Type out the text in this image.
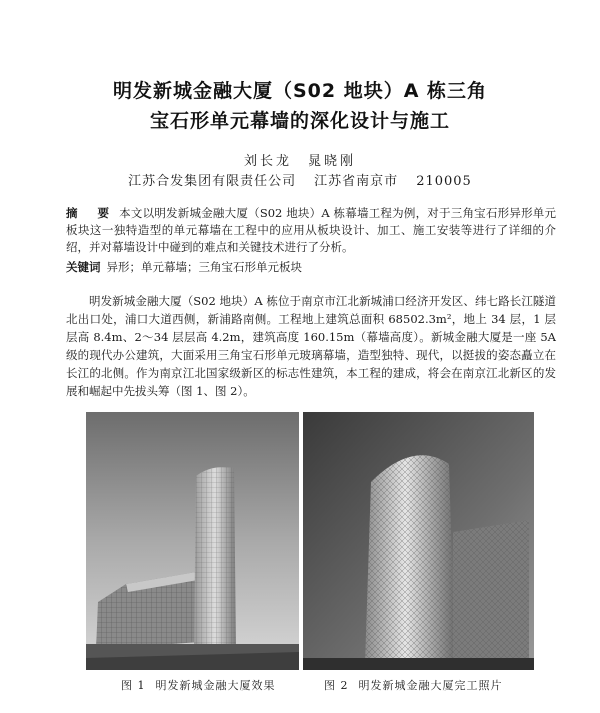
明发新城金融大厦（S02 地块）A 栋三角
宝石形单元幕墙的深化设计与施工
刘长龙　晁晓刚
江苏合发集团有限责任公司 江苏省南京市 210005
摘　要 本文以明发新城金融大厦（S02 地块）A 栋幕墙工程为例，对于三角宝石形异形单元板块这一独特造型的单元幕墙在工程中的应用从板块设计、加工、施工安装等进行了详细的介绍，并对幕墙设计中碰到的难点和关键技术进行了分析。
关键词 异形；单元幕墙；三角宝石形单元板块
明发新城金融大厦（S02 地块）A 栋位于南京市江北新城浦口经济开发区、纬七路长江隧道北出口处，浦口大道西侧，新浦路南侧。工程地上建筑总面积 68502.3m²，地上 34 层，1 层层高 8.4m、2～34 层层高 4.2m，建筑高度 160.15m（幕墙高度）。新城金融大厦是一座 5A 级的现代办公建筑，大面采用三角宝石形单元玻璃幕墙，造型独特、现代，以挺拔的姿态矗立在长江的北侧。作为南京江北国家级新区的标志性建筑，本工程的建成，将会在南京江北新区的发展和崛起中先拔头筹（图 1、图 2）。
图 1 明发新城金融大厦效果	图 2 明发新城金融大厦完工照片
